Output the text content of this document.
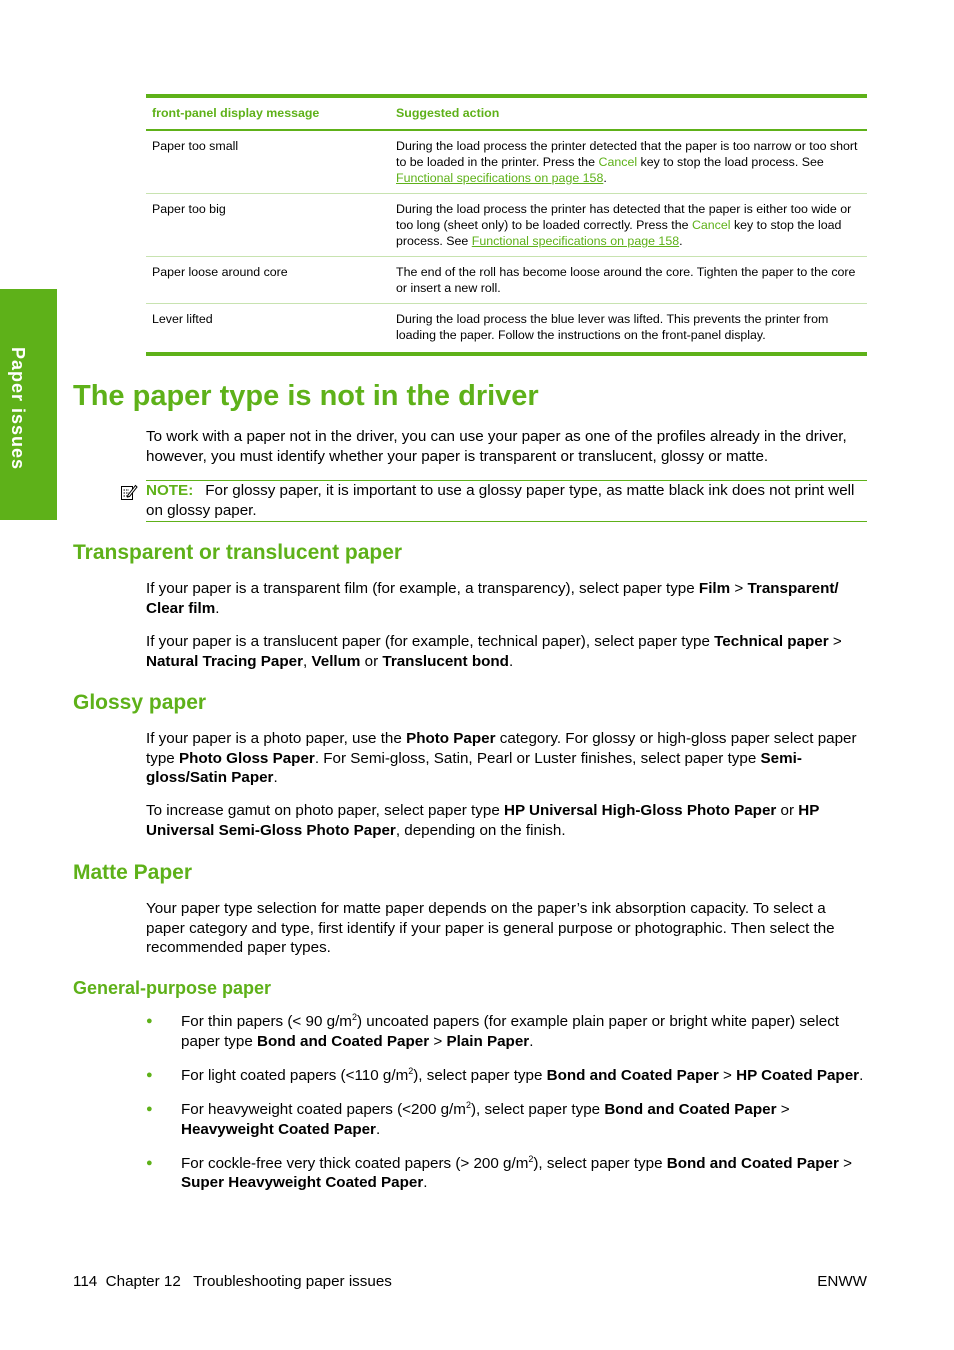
Paper issues
front-panel display message	Suggested action
Paper too small	During the load process the printer detected that the paper is too narrow or too short to be loaded in the printer. Press the Cancel key to stop the load process. See Functional specifications on page 158.
Paper too big	During the load process the printer has detected that the paper is either too wide or too long (sheet only) to be loaded correctly. Press the Cancel key to stop the load process. See Functional specifications on page 158.
Paper loose around core	The end of the roll has become loose around the core. Tighten the paper to the core or insert a new roll.
Lever lifted	During the load process the blue lever was lifted. This prevents the printer from loading the paper. Follow the instructions on the front-panel display.
The paper type is not in the driver

To work with a paper not in the driver, you can use your paper as one of the profiles already in the driver, however, you must identify whether your paper is transparent or translucent, glossy or matte.

NOTE: For glossy paper, it is important to use a glossy paper type, as matte black ink does not print well on glossy paper.
Transparent or translucent paper

If your paper is a transparent film (for example, a transparency), select paper type Film > Transparent/ Clear film.

If your paper is a translucent paper (for example, technical paper), select paper type Technical paper > Natural Tracing Paper, Vellum or Translucent bond.

Glossy paper

If your paper is a photo paper, use the Photo Paper category. For glossy or high-gloss paper select paper type Photo Gloss Paper. For Semi-gloss, Satin, Pearl or Luster finishes, select paper type Semi-gloss/Satin Paper.

To increase gamut on photo paper, select paper type HP Universal High-Gloss Photo Paper or HP Universal Semi-Gloss Photo Paper, depending on the finish.

Matte Paper

Your paper type selection for matte paper depends on the paper’s ink absorption capacity. To select a paper category and type, first identify if your paper is general purpose or photographic. Then select the recommended paper types.

General-purpose paper
● For thin papers (< 90 $g/m^2$) uncoated papers (for example plain paper or bright white paper) select paper type Bond and Coated Paper > Plain Paper.
● For light coated papers (<110 $g/m^2$), select paper type Bond and Coated Paper > HP Coated Paper.
● For heavyweight coated papers (<200 $g/m^2$), select paper type Bond and Coated Paper > Heavyweight Coated Paper.
● For cockle-free very thick coated papers (> 200 $g/m^2$), select paper type Bond and Coated Paper > Super Heavyweight Coated Paper.
114  Chapter 12   Troubleshooting paper issues	ENWW
